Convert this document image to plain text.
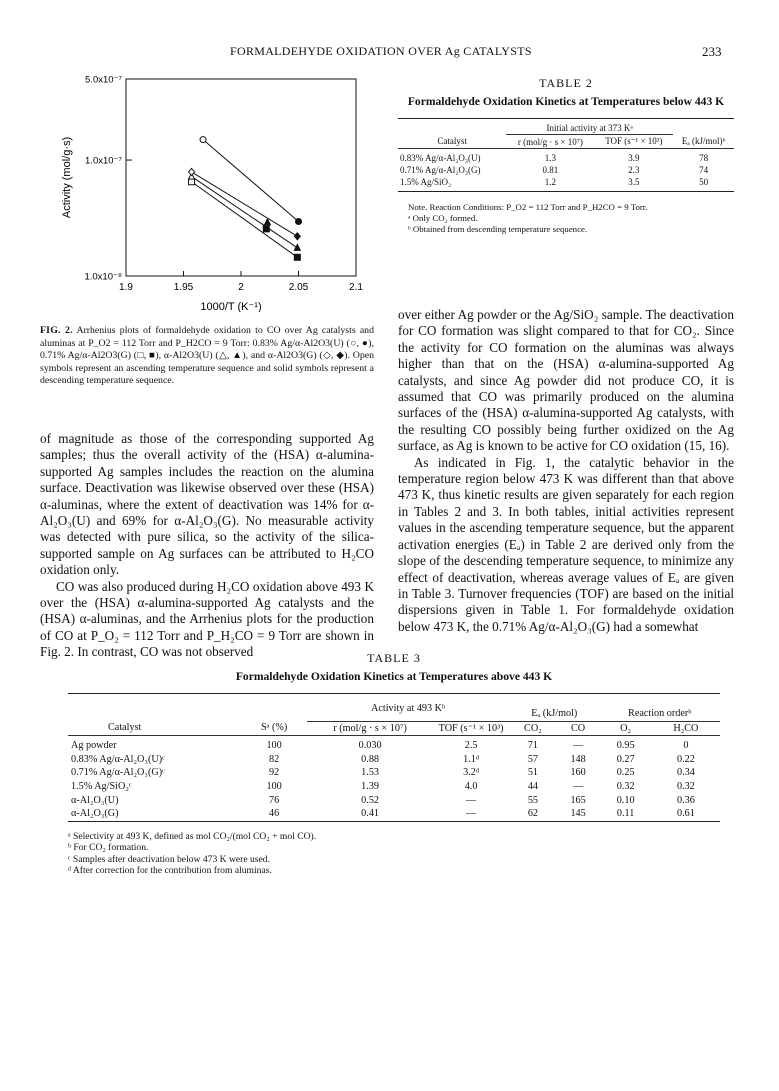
FORMALDEHYDE OXIDATION OVER Ag CATALYSTS	233
1.9	1.95	2	2.05	2.1
5.0x10⁻⁷
1.0x10⁻⁷
1.0x10⁻⁸
1000/T (K⁻¹)
Activity (mol/g·s)
FIG. 2. Arrhenius plots of formaldehyde oxidation to CO over Ag catalysts and aluminas at P_O2 = 112 Torr and P_H2CO = 9 Torr: 0.83% Ag/α-Al2O3(U) (○, ●), 0.71% Ag/α-Al2O3(G) (□, ■), α-Al2O3(U) (△, ▲), and α-Al2O3(G) (◇, ◆). Open symbols represent an ascending temperature sequence and solid symbols represent a descending temperature sequence.
TABLE 2
Formaldehyde Oxidation Kinetics at Temperatures below 443 K
	Initial activity at 373 Kᵃ		
Catalyst	r (mol/g · s × 10⁷)	TOF (s⁻¹ × 10³)	Eₐ (kJ/mol)ᵇ
0.83% Ag/α-Al₂O₃(U)	1.3	3.9	78
0.71% Ag/α-Al₂O₃(G)	0.81	2.3	74
1.5% Ag/SiO₂	1.2	3.5	50

Note. Reaction Conditions: P_O2 = 112 Torr and P_H2CO = 9 Torr.
ᵃ Only CO₂ formed.
ᵇ Obtained from descending temperature sequence.

of magnitude as those of the corresponding supported Ag samples; thus the overall activity of the (HSA) α-alumina-supported Ag samples includes the reaction on the alumina surface. Deactivation was likewise observed over these (HSA) α-aluminas, where the extent of deactivation was 14% for α-Al₂O₃(U) and 69% for α-Al₂O₃(G). No measurable activity was detected with pure silica, so the activity of the silica-supported sample on Ag surfaces can be attributed to H₂CO oxidation only.

CO was also produced during H₂CO oxidation above 493 K over the (HSA) α-alumina-supported Ag catalysts and the (HSA) α-aluminas, and the Arrhenius plots for the production of CO at P_O₂ = 112 Torr and P_H₂CO = 9 Torr are shown in Fig. 2. In contrast, CO was not observed

over either Ag powder or the Ag/SiO₂ sample. The deactivation for CO formation was slight compared to that for CO₂. Since the activity for CO formation on the aluminas was always higher than that on the (HSA) α-alumina-supported Ag catalysts, and since Ag powder did not produce CO, it is assumed that CO was primarily produced on the alumina surfaces of the (HSA) α-alumina-supported Ag catalysts, with the resulting CO possibly being further oxidized on the Ag surface, as Ag is known to be active for CO oxidation (15, 16).

As indicated in Fig. 1, the catalytic behavior in the temperature region below 473 K was different than that above 473 K, thus kinetic results are given separately for each region in Tables 2 and 3. In both tables, initial activities represent values in the ascending temperature sequence, but the apparent activation energies (Eₐ) in Table 2 are derived only from the slope of the descending temperature sequence, to minimize any effect of deactivation, whereas average values of Eₐ are given in Table 3. Turnover frequencies (TOF) are based on the initial dispersions given in Table 1. For formaldehyde oxidation below 473 K, the 0.71% Ag/α-Al₂O₃(G) had a somewhat

TABLE 3
Formaldehyde Oxidation Kinetics at Temperatures above 443 K
		Activity at 493 Kᵇ		Eₐ (kJ/mol)		Reaction orderᵇ	
Catalyst	Sᵃ (%)	r (mol/g · s × 10⁷)	TOF (s⁻¹ × 10³)	CO₂	CO	O₂	H₂CO
Ag powder	100	0.030	2.5	71	—	0.95	0
0.83% Ag/α-Al₂O₃(U)ᶜ	82	0.88	1.1ᵈ	57	148	0.27	0.22
0.71% Ag/α-Al₂O₃(G)ᶜ	92	1.53	3.2ᵈ	51	160	0.25	0.34
1.5% Ag/SiO₂ᶜ	100	1.39	4.0	44	—	0.32	0.32
α-Al₂O₃(U)	76	0.52	—	55	165	0.10	0.36
α-Al₂O₃(G)	46	0.41	—	62	145	0.11	0.61

ᵃ Selectivity at 493 K, defined as mol CO₂/(mol CO₂ + mol CO).
ᵇ For CO₂ formation.
ᶜ Samples after deactivation below 473 K were used.
ᵈ After correction for the contribution from aluminas.
